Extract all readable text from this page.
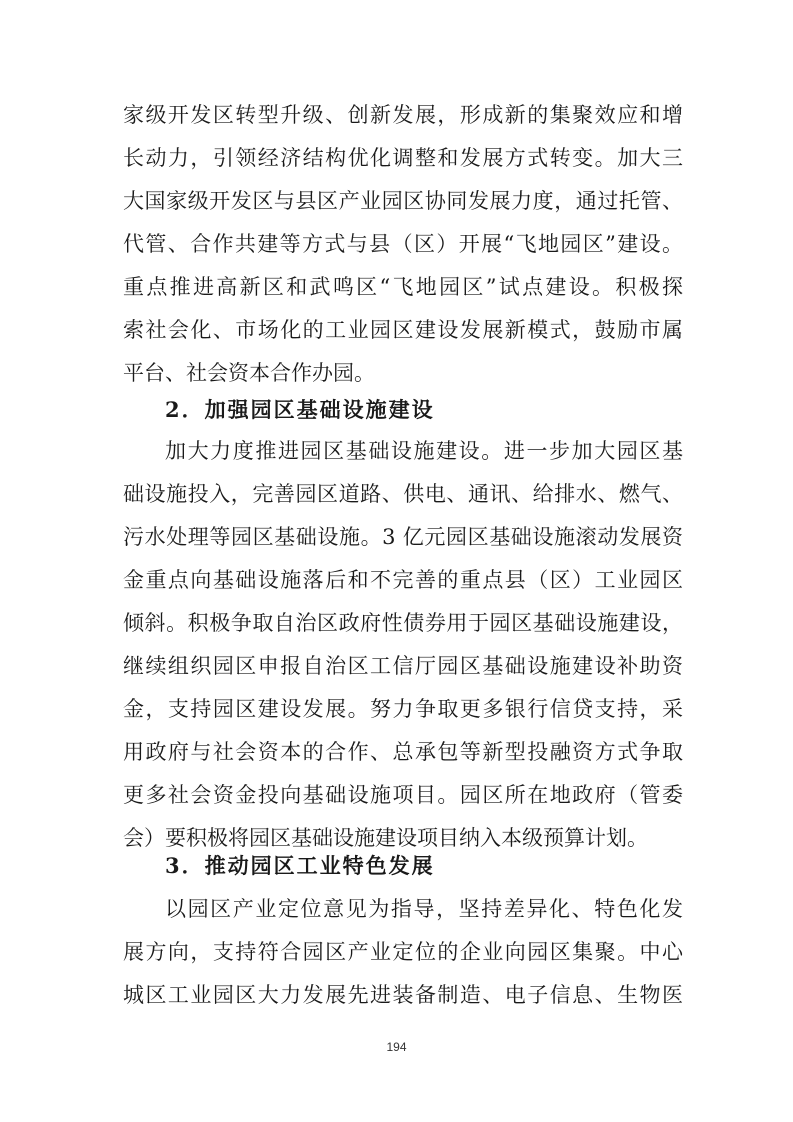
家级开发区转型升级、创新发展，形成新的集聚效应和增
长动力，引领经济结构优化调整和发展方式转变。加大三
大国家级开发区与县区产业园区协同发展力度，通过托管、
代管、合作共建等方式与县（区）开展“飞地园区”建设。
重点推进高新区和武鸣区“飞地园区”试点建设。积极探
索社会化、市场化的工业园区建设发展新模式，鼓励市属
平台、社会资本合作办园。
2．加强园区基础设施建设
加大力度推进园区基础设施建设。进一步加大园区基
础设施投入，完善园区道路、供电、通讯、给排水、燃气、
污水处理等园区基础设施。3 亿元园区基础设施滚动发展资
金重点向基础设施落后和不完善的重点县（区）工业园区
倾斜。积极争取自治区政府性债券用于园区基础设施建设，
继续组织园区申报自治区工信厅园区基础设施建设补助资
金，支持园区建设发展。努力争取更多银行信贷支持，采
用政府与社会资本的合作、总承包等新型投融资方式争取
更多社会资金投向基础设施项目。园区所在地政府（管委
会）要积极将园区基础设施建设项目纳入本级预算计划。
3．推动园区工业特色发展
以园区产业定位意见为指导，坚持差异化、特色化发
展方向，支持符合园区产业定位的企业向园区集聚。中心
城区工业园区大力发展先进装备制造、电子信息、生物医
194
